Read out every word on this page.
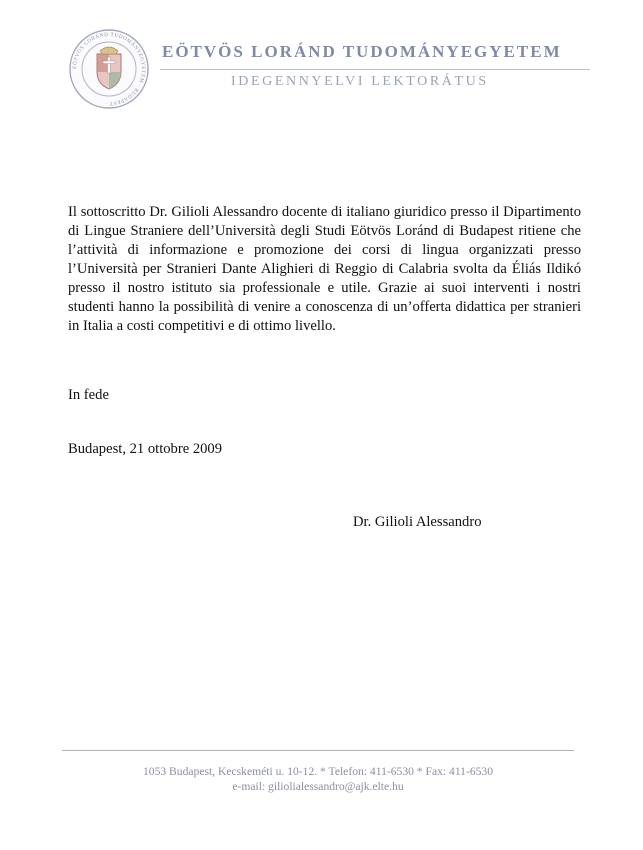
EÖTVÖS LORÁND TUDOMÁNYEGYETEM · BUDAPEST ·
EÖTVÖS LORÁND TUDOMÁNYEGYETEM
IDEGENNYELVI LEKTORÁTUS
Il sottoscritto Dr. Gilioli Alessandro docente di italiano giuridico presso il Dipartimento di Lingue Straniere dell’Università degli Studi Eötvös Loránd di Budapest ritiene che l’attività di informazione e promozione dei corsi di lingua organizzati presso l’Università per Stranieri Dante Alighieri di Reggio di Calabria svolta da Éliás Ildikó presso il nostro istituto sia professionale e utile. Grazie ai suoi interventi i nostri studenti hanno la possibilità di venire a conoscenza di un’offerta didattica per stranieri in Italia a costi competitivi e di ottimo livello.
In fede
Budapest, 21 ottobre 2009
Dr. Gilioli Alessandro
1053 Budapest, Kecskeméti u. 10-12. * Telefon: 411-6530 * Fax: 411-6530
e-mail: giliolialessandro@ajk.elte.hu
